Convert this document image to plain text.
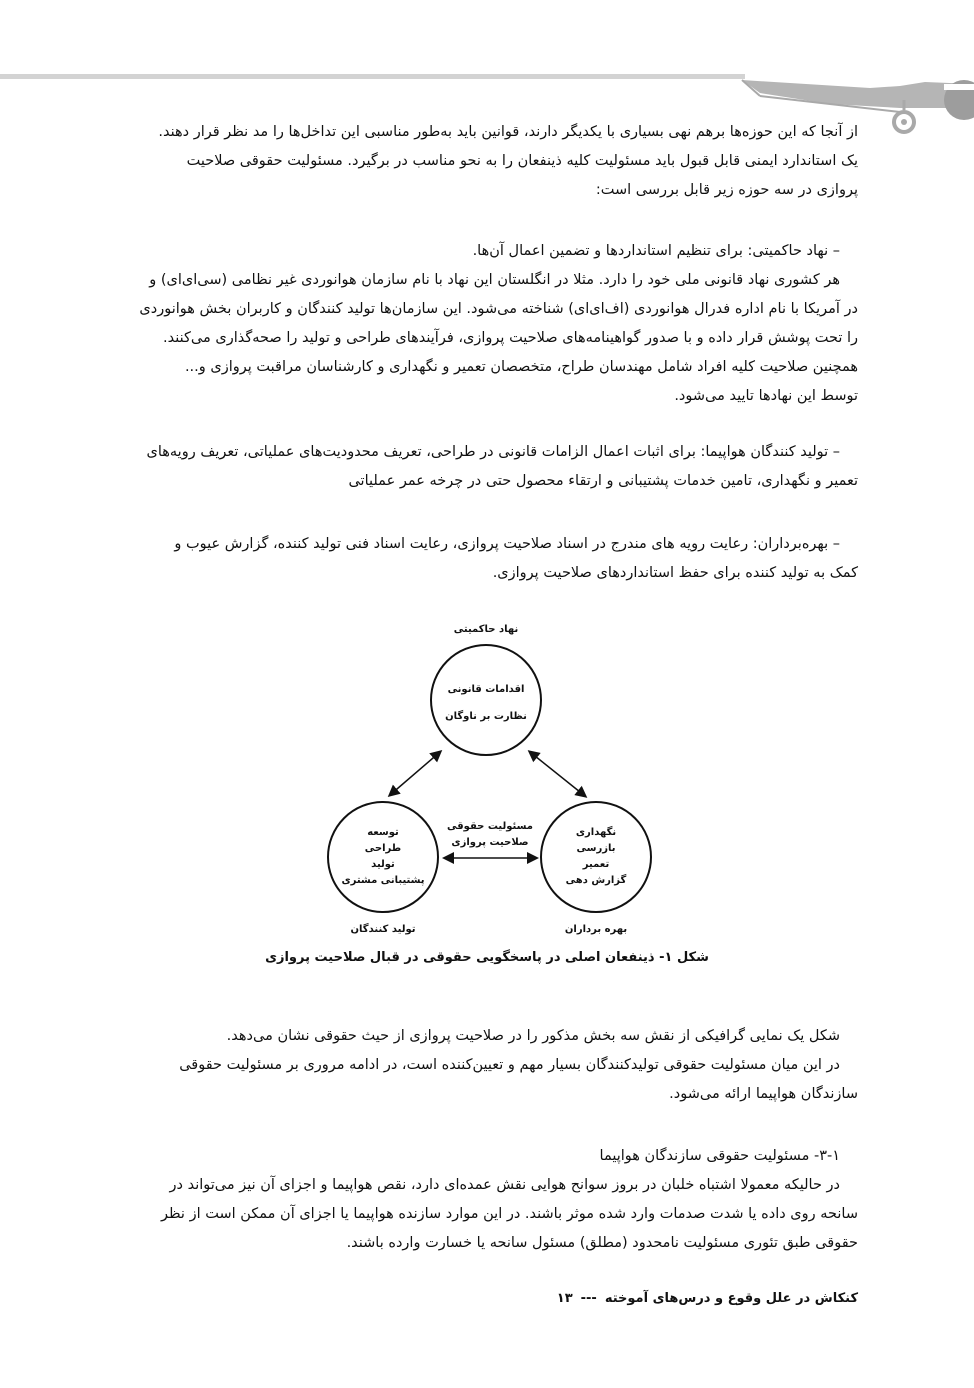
از آنجا که این حوزه‌ها برهم نهی بسیاری با یکدیگر دارند، قوانین باید به‌طور مناسبی این تداخل‌ها را مد نظر قرار دهند.

یک استاندارد ایمنی قابل قبول باید مسئولیت کلیه ذینفعان را به نحو مناسب در برگیرد. مسئولیت حقوقی صلاحیت

پروازی در سه حوزه زیر قابل بررسی است:

– نهاد حاکمیتی: برای تنظیم استانداردها و تضمین اعمال آن‌ها.

هر کشوری نهاد قانونی ملی خود را دارد. مثلا در انگلستان این نهاد با نام سازمان هوانوردی غیر نظامی (سی‌ای‌ای) و

در آمریکا با نام اداره فدرال هوانوردی (اف‌ای‌ای) شناخته می‌شود. این سازمان‌ها تولید کنندگان و کاربران بخش هوانوردی

را تحت پوشش قرار داده و با صدور گواهینامه‌های صلاحیت پروازی، فرآیندهای طراحی و تولید را صحه‌گذاری می‌کنند.

همچنین صلاحیت کلیه افراد شامل مهندسان طراح، متخصصان تعمیر و نگهداری و کارشناسان مراقبت پروازی و...

توسط این نهادها تایید می‌شود.

– تولید کنندگان هواپیما: برای اثبات اعمال الزامات قانونی در طراحی، تعریف محدودیت‌های عملیاتی، تعریف رویه‌های

تعمیر و نگهداری، تامین خدمات پشتیبانی و ارتقاء محصول حتی در چرخه عمر عملیاتی

– بهره‌برداران: رعایت رویه های مندرج در اسناد صلاحیت پروازی، رعایت اسناد فنی تولید کننده، گزارش عیوب و

کمک به تولید کننده برای حفظ استانداردهای صلاحیت پروازی.

نهاد حاکمیتی
اقدامات قانونی
نظارت بر ناوگان
توسعه
طراحی
تولید
پشتیبانی مشتری
تولید کنندگان
نگهداری
بازرسی
تعمیر
گزارش دهی
بهره برداران
مسئولیت حقوقی
صلاحیت پروازی
شکل ۱- ذینفعان اصلی در پاسخگویی حقوقی در قبال صلاحیت پروازی

شکل یک نمایی گرافیکی از نقش سه بخش مذکور را در صلاحیت پروازی از حیث حقوقی نشان می‌دهد.

در این میان مسئولیت حقوقی تولیدکنندگان بسیار مهم و تعیین‌کننده است، در ادامه مروری بر مسئولیت حقوقی

سازندگان هواپیما ارائه می‌شود.

۳-۱- مسئولیت حقوقی سازندگان هواپیما

در حالیکه معمولا اشتباه خلبان در بروز سوانح هوایی نقش عمده‌ای دارد، نقص هواپیما و اجزای آن نیز می‌تواند در

سانحه روی داده یا شدت صدمات وارد شده موثر باشند. در این موارد سازنده هواپیما یا اجزای آن ممکن است از نظر

حقوقی طبق تئوری مسئولیت نامحدود (مطلق) مسئول سانحه یا خسارت وارده باشند.

کنکاش در علل وقوع و درس‌های آموخته---۱۳
